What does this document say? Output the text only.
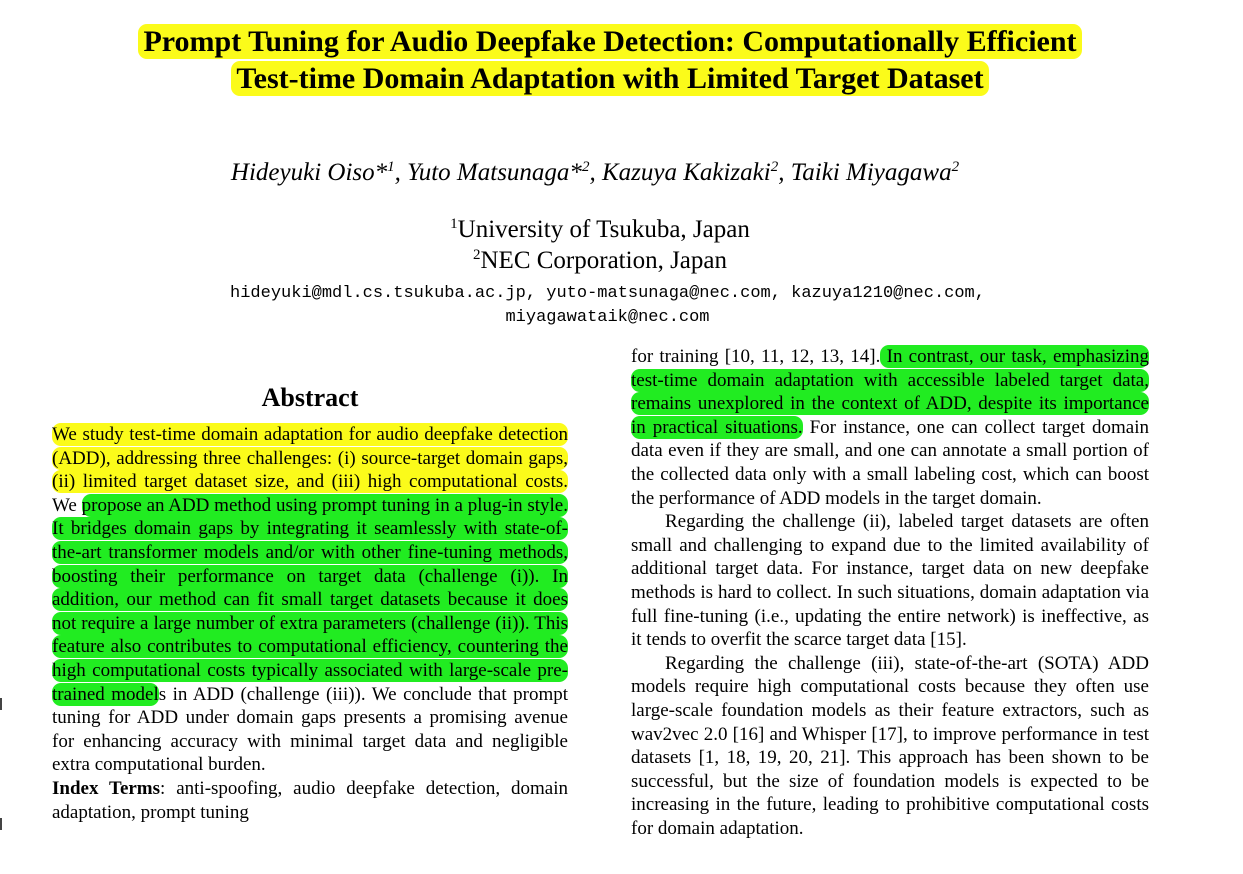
Prompt Tuning for Audio Deepfake Detection: Computationally Efficient
Test-time Domain Adaptation with Limited Target Dataset
Hideyuki Oiso*$^1$, Yuto Matsunaga*$^2$, Kazuya Kakizaki$^2$, Taiki Miyagawa$^2$
$^1$University of Tsukuba, Japan
$^2$NEC Corporation, Japan
hideyuki@mdl.cs.tsukuba.ac.jp, yuto-matsunaga@nec.com, kazuya1210@nec.com,
miyagawataik@nec.com
Abstract

We study test-time domain adaptation for audio deepfake detection (ADD), addressing three challenges: (i) source-target domain gaps, (ii) limited target dataset size, and (iii) high computational costs. We propose an ADD method using prompt tuning in a plug-in style. It bridges domain gaps by integrating it seamlessly with state-of-the-art transformer models and/or with other fine-tuning methods, boosting their performance on target data (challenge (i)). In addition, our method can fit small target datasets because it does not require a large number of extra parameters (challenge (ii)). This feature also contributes to computational efficiency, countering the high computational costs typically associated with large-scale pre-trained models in ADD (challenge (iii)). We conclude that prompt tuning for ADD under domain gaps presents a promising avenue for enhancing accuracy with minimal target data and negligible extra computational burden.

Index Terms: anti-spoofing, audio deepfake detection, domain adaptation, prompt tuning

for training [10, 11, 12, 13, 14]. In contrast, our task, emphasizing test-time domain adaptation with accessible labeled target data, remains unexplored in the context of ADD, despite its importance in practical situations. For instance, one can collect target domain data even if they are small, and one can annotate a small portion of the collected data only with a small labeling cost, which can boost the performance of ADD models in the target domain.

Regarding the challenge (ii), labeled target datasets are often small and challenging to expand due to the limited availability of additional target data. For instance, target data on new deepfake methods is hard to collect. In such situations, domain adaptation via full fine-tuning (i.e., updating the entire network) is ineffective, as it tends to overfit the scarce target data [15].

Regarding the challenge (iii), state-of-the-art (SOTA) ADD models require high computational costs because they often use large-scale foundation models as their feature extractors, such as wav2vec 2.0 [16] and Whisper [17], to improve performance in test datasets [1, 18, 19, 20, 21]. This approach has been shown to be successful, but the size of foundation models is expected to be increasing in the future, leading to prohibitive computational costs for domain adaptation.
